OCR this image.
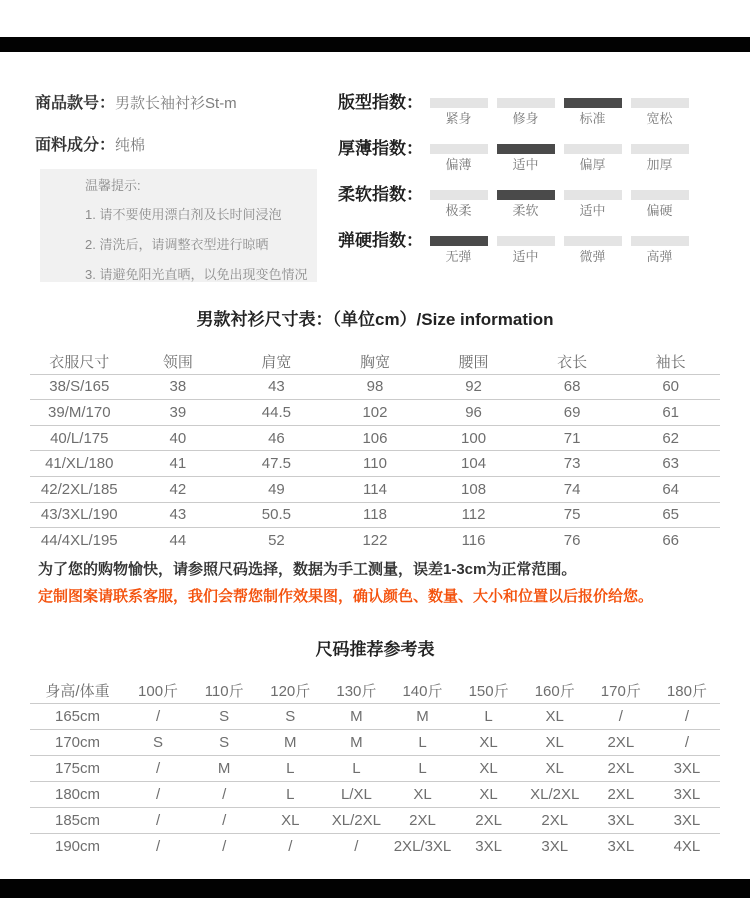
商品款号：男款长袖衬衫St-m
面料成分：纯棉
温馨提示:
1. 请不要使用漂白剂及长时间浸泡
2. 清洗后，请调整衣型进行晾晒
3. 请避免阳光直晒，以免出现变色情况
版型指数：
紧身	修身	标准	宽松
厚薄指数：
偏薄	适中	偏厚	加厚
柔软指数：
极柔	柔软	适中	偏硬
弹硬指数：
无弹	适中	微弹	高弹
男款衬衫尺寸表：（单位cm）/Size information
衣服尺寸	领围	肩宽	胸宽	腰围	衣长	袖长
38/S/165	38	43	98	92	68	60
39/M/170	39	44.5	102	96	69	61
40/L/175	40	46	106	100	71	62
41/XL/180	41	47.5	110	104	73	63
42/2XL/185	42	49	114	108	74	64
43/3XL/190	43	50.5	118	112	75	65
44/4XL/195	44	52	122	116	76	66
为了您的购物愉快，请参照尺码选择，数据为手工测量，误差1-3cm为正常范围。
定制图案请联系客服，我们会帮您制作效果图，确认颜色、数量、大小和位置以后报价给您。
尺码推荐参考表
身高/体重	100斤	110斤	120斤	130斤	140斤	150斤	160斤	170斤	180斤
165cm	/	S	S	M	M	L	XL	/	/
170cm	S	S	M	M	L	XL	XL	2XL	/
175cm	/	M	L	L	L	XL	XL	2XL	3XL
180cm	/	/	L	L/XL	XL	XL	XL/2XL	2XL	3XL
185cm	/	/	XL	XL/2XL	2XL	2XL	2XL	3XL	3XL
190cm	/	/	/	/	2XL/3XL	3XL	3XL	3XL	4XL
